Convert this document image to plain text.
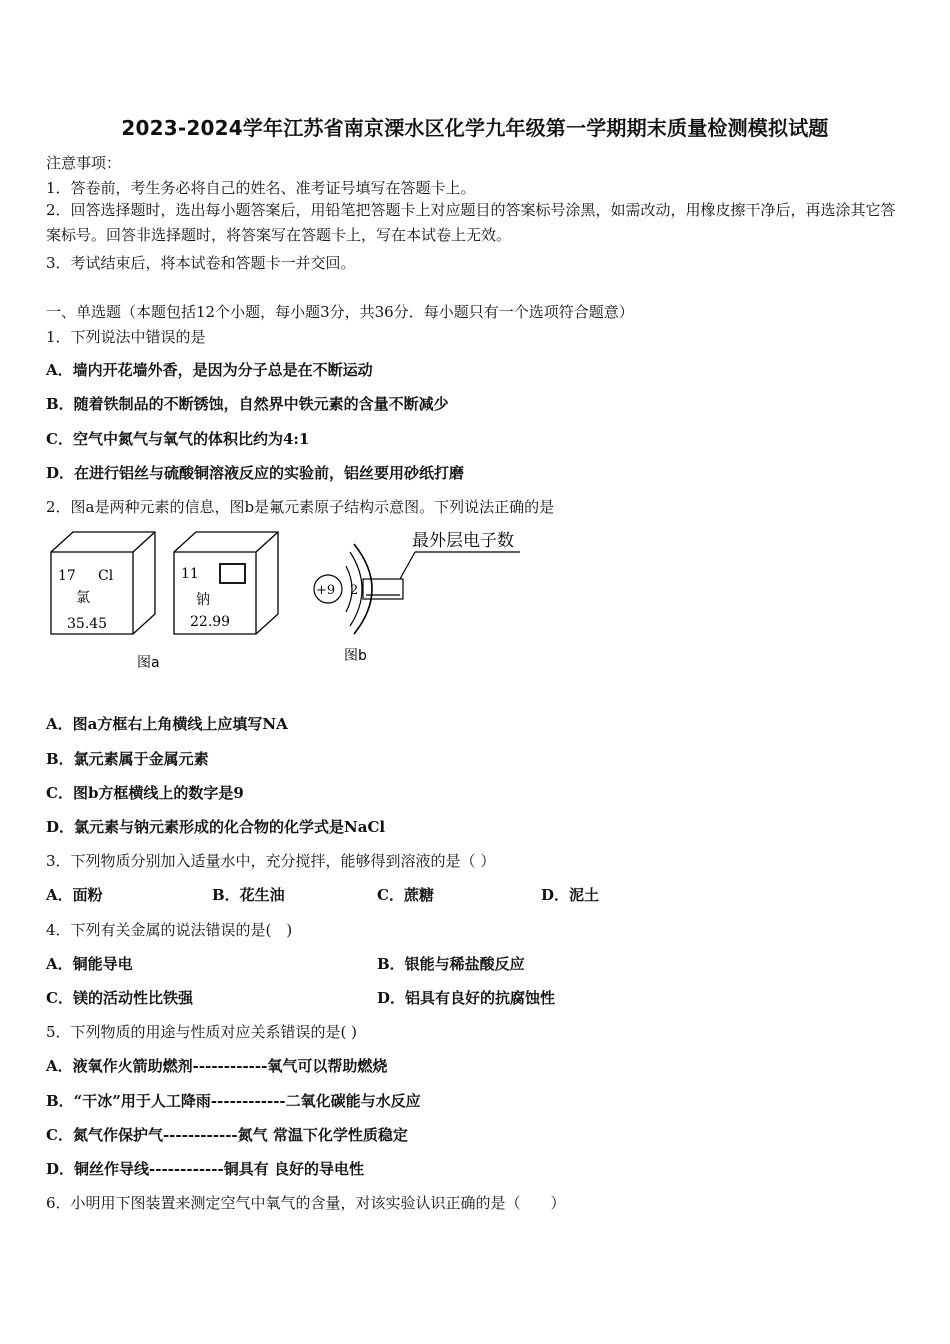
2023-2024学年江苏省南京溧水区化学九年级第一学期期末质量检测模拟试题
注意事项：
1．答卷前，考生务必将自己的姓名、准考证号填写在答题卡上。
2．回答选择题时，选出每小题答案后，用铅笔把答题卡上对应题目的答案标号涂黑，如需改动，用橡皮擦干净后，再选涂其它答案标号。回答非选择题时，将答案写在答题卡上，写在本试卷上无效。
3．考试结束后，将本试卷和答题卡一并交回。
一、单选题（本题包括12个小题，每小题3分，共36分．每小题只有一个选项符合题意）
1．下列说法中错误的是
A．墙内开花墙外香，是因为分子总是在不断运动
B．随着铁制品的不断锈蚀，自然界中铁元素的含量不断减少
C．空气中氮气与氧气的体积比约为4:1
D．在进行铝丝与硫酸铜溶液反应的实验前，铝丝要用砂纸打磨
2．图a是两种元素的信息，图b是氟元素原子结构示意图。下列说法正确的是
17 Cl
氯
35.45
11
钠
22.99
+9 2
最外层电子数
图a	图b
A．图a方框右上角横线上应填写NA
B．氯元素属于金属元素
C．图b方框横线上的数字是9
D．氯元素与钠元素形成的化合物的化学式是NaCl
3．下列物质分别加入适量水中，充分搅拌，能够得到溶液的是（ ）
A．面粉	B．花生油	C．蔗糖	D．泥土
4．下列有关金属的说法错误的是(　)
A．铜能导电	B．银能与稀盐酸反应
C．镁的活动性比铁强	D．铝具有良好的抗腐蚀性
5．下列物质的用途与性质对应关系错误的是( )
A．液氧作火箭助燃剂------------氧气可以帮助燃烧
B．“干冰”用于人工降雨------------二氧化碳能与水反应
C．氮气作保护气------------氮气 常温下化学性质稳定
D．铜丝作导线------------铜具有 良好的导电性
6．小明用下图装置来测定空气中氧气的含量，对该实验认识正确的是（　　）
